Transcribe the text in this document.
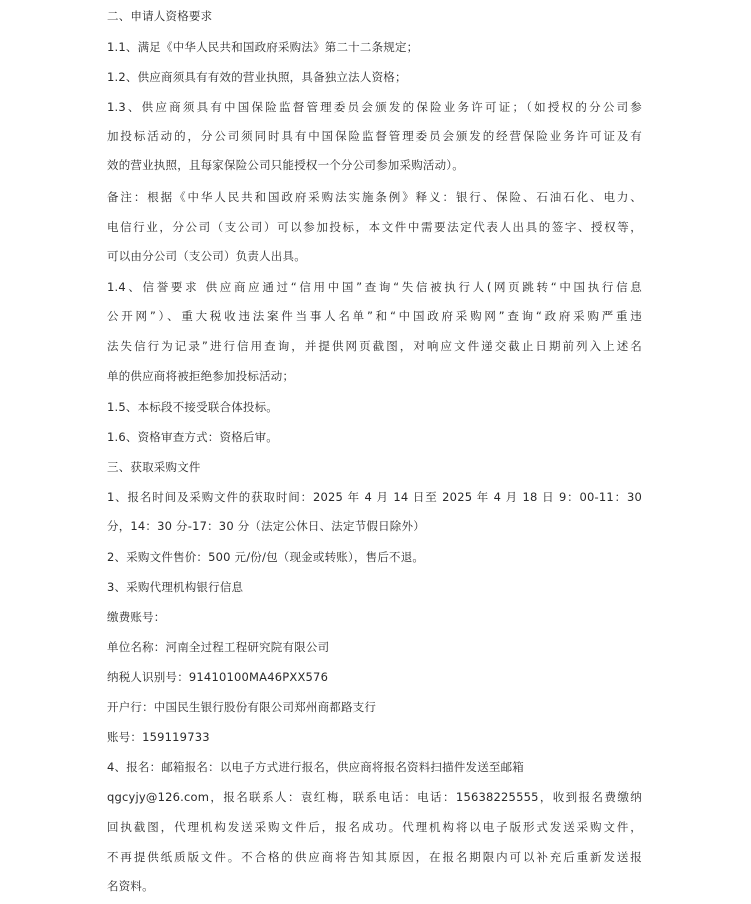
二、申请人资格要求
1.1、满足《中华人民共和国政府采购法》第二十二条规定；
1.2、供应商须具有有效的营业执照，具备独立法人资格；
1.3、供应商须具有中国保险监督管理委员会颁发的保险业务许可证；（如授权的分公司参
加投标活动的，分公司须同时具有中国保险监督管理委员会颁发的经营保险业务许可证及有
效的营业执照，且每家保险公司只能授权一个分公司参加采购活动）。
备注：根据《中华人民共和国政府采购法实施条例》释义：银行、保险、石油石化、电力、
电信行业，分公司（支公司）可以参加投标，本文件中需要法定代表人出具的签字、授权等，
可以由分公司（支公司）负责人出具。
1.4、信誉要求 供应商应通过“信用中国”查询“失信被执行人(网页跳转“中国执行信息
公开网”）、重大税收违法案件当事人名单”和“中国政府采购网”查询“政府采购严重违
法失信行为记录”进行信用查询，并提供网页截图，对响应文件递交截止日期前列入上述名
单的供应商将被拒绝参加投标活动；
1.5、本标段不接受联合体投标。
1.6、资格审查方式：资格后审。
三、获取采购文件
1、报名时间及采购文件的获取时间：2025 年 4 月 14 日至 2025 年 4 月 18 日 9：00-11：30
分，14：30 分-17：30 分（法定公休日、法定节假日除外）
2、采购文件售价：500 元/份/包（现金或转账），售后不退。
3、采购代理机构银行信息
缴费账号：
单位名称：河南全过程工程研究院有限公司
纳税人识别号：91410100MA46PXX576
开户行：中国民生银行股份有限公司郑州商都路支行
账号：159119733
4、报名：邮箱报名：以电子方式进行报名，供应商将报名资料扫描件发送至邮箱
qgcyjy@126.com，报名联系人：袁红梅，联系电话：电话：15638225555，收到报名费缴纳
回执截图，代理机构发送采购文件后，报名成功。代理机构将以电子版形式发送采购文件，
不再提供纸质版文件。不合格的供应商将告知其原因，在报名期限内可以补充后重新发送报
名资料。
